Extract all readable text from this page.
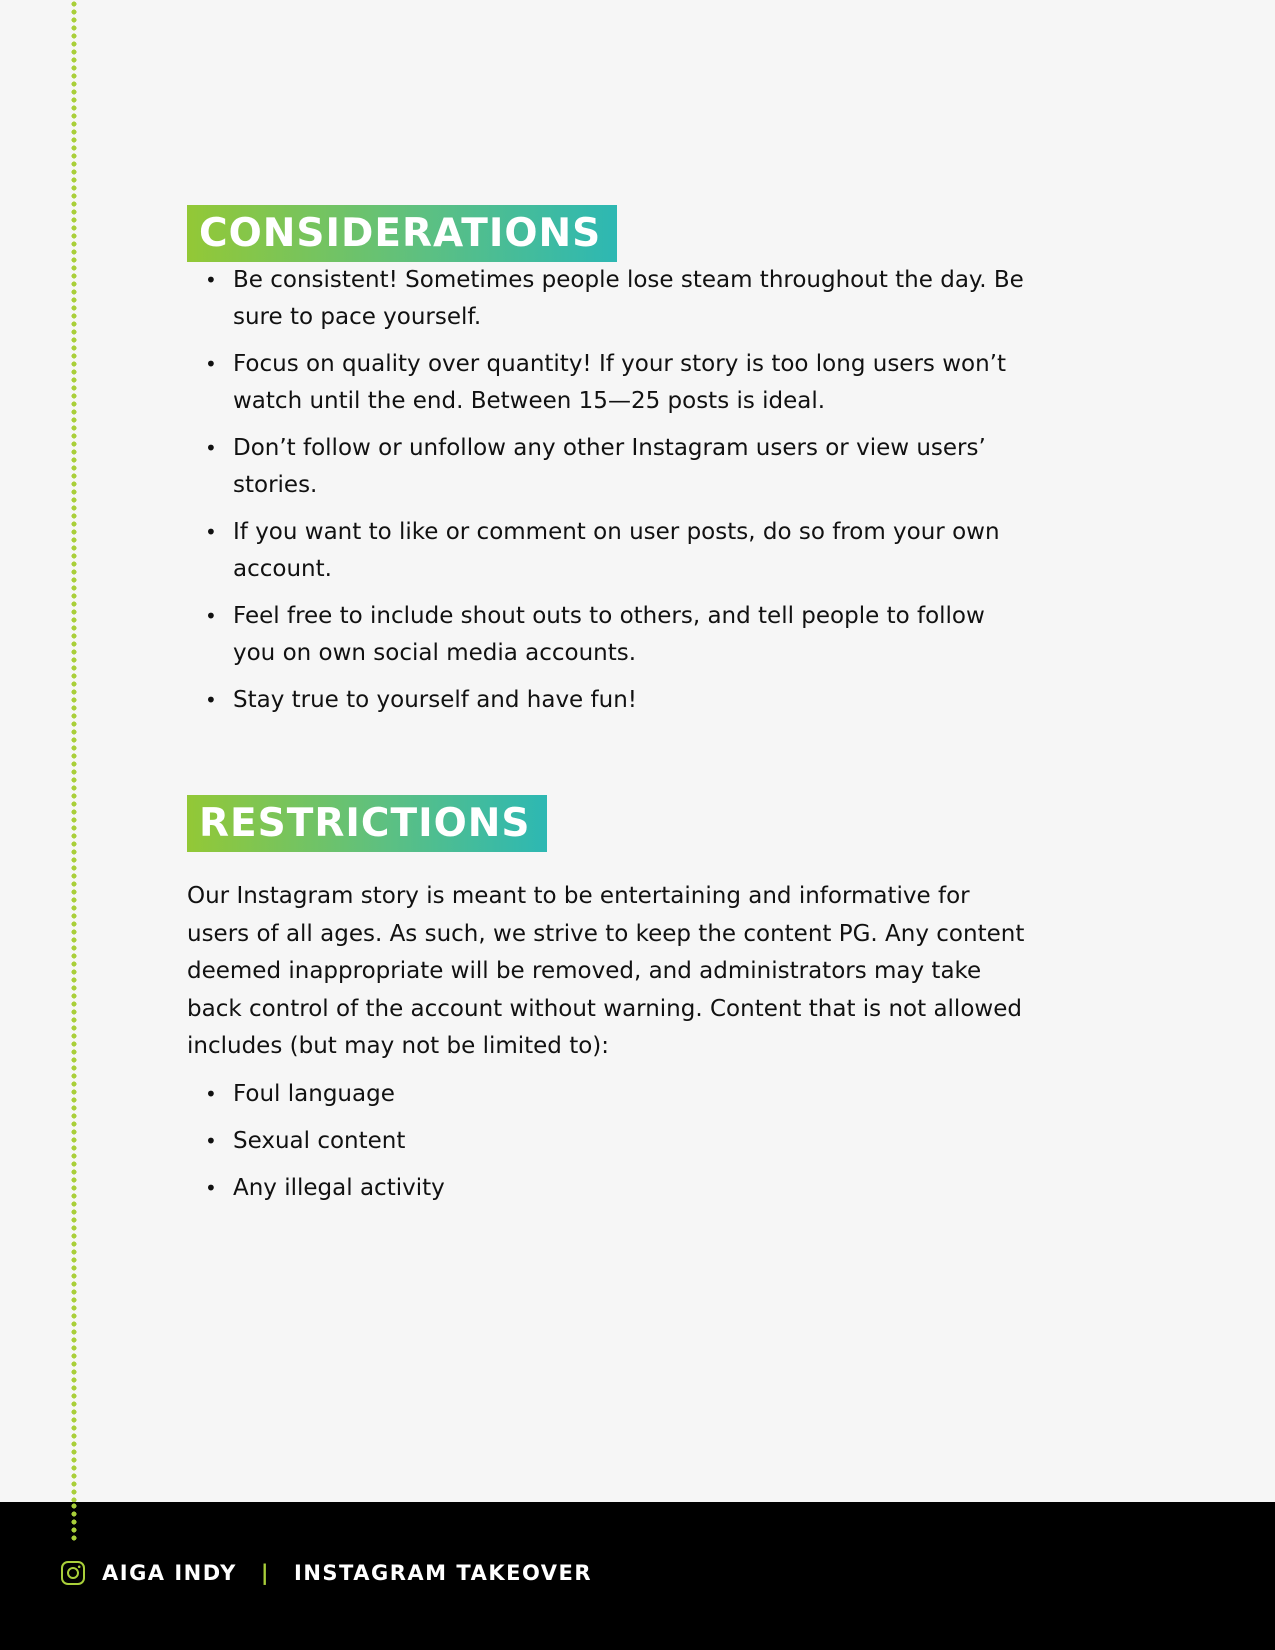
CONSIDERATIONS
• Be consistent! Sometimes people lose steam throughout the day. Be sure to pace yourself.
• Focus on quality over quantity! If your story is too long users won’t watch until the end. Between 15—25 posts is ideal.
• Don’t follow or unfollow any other Instagram users or view users’ stories.
• If you want to like or comment on user posts, do so from your own account.
• Feel free to include shout outs to others, and tell people to follow you on own social media accounts.
• Stay true to yourself and have fun!
RESTRICTIONS

Our Instagram story is meant to be entertaining and informative for users of all ages. As such, we strive to keep the content PG. Any content deemed inappropriate will be removed, and administrators may take back control of the account without warning. Content that is not allowed includes (but may not be limited to):

• Foul language
• Sexual content
• Any illegal activity
AIGA INDY | INSTAGRAM TAKEOVER
